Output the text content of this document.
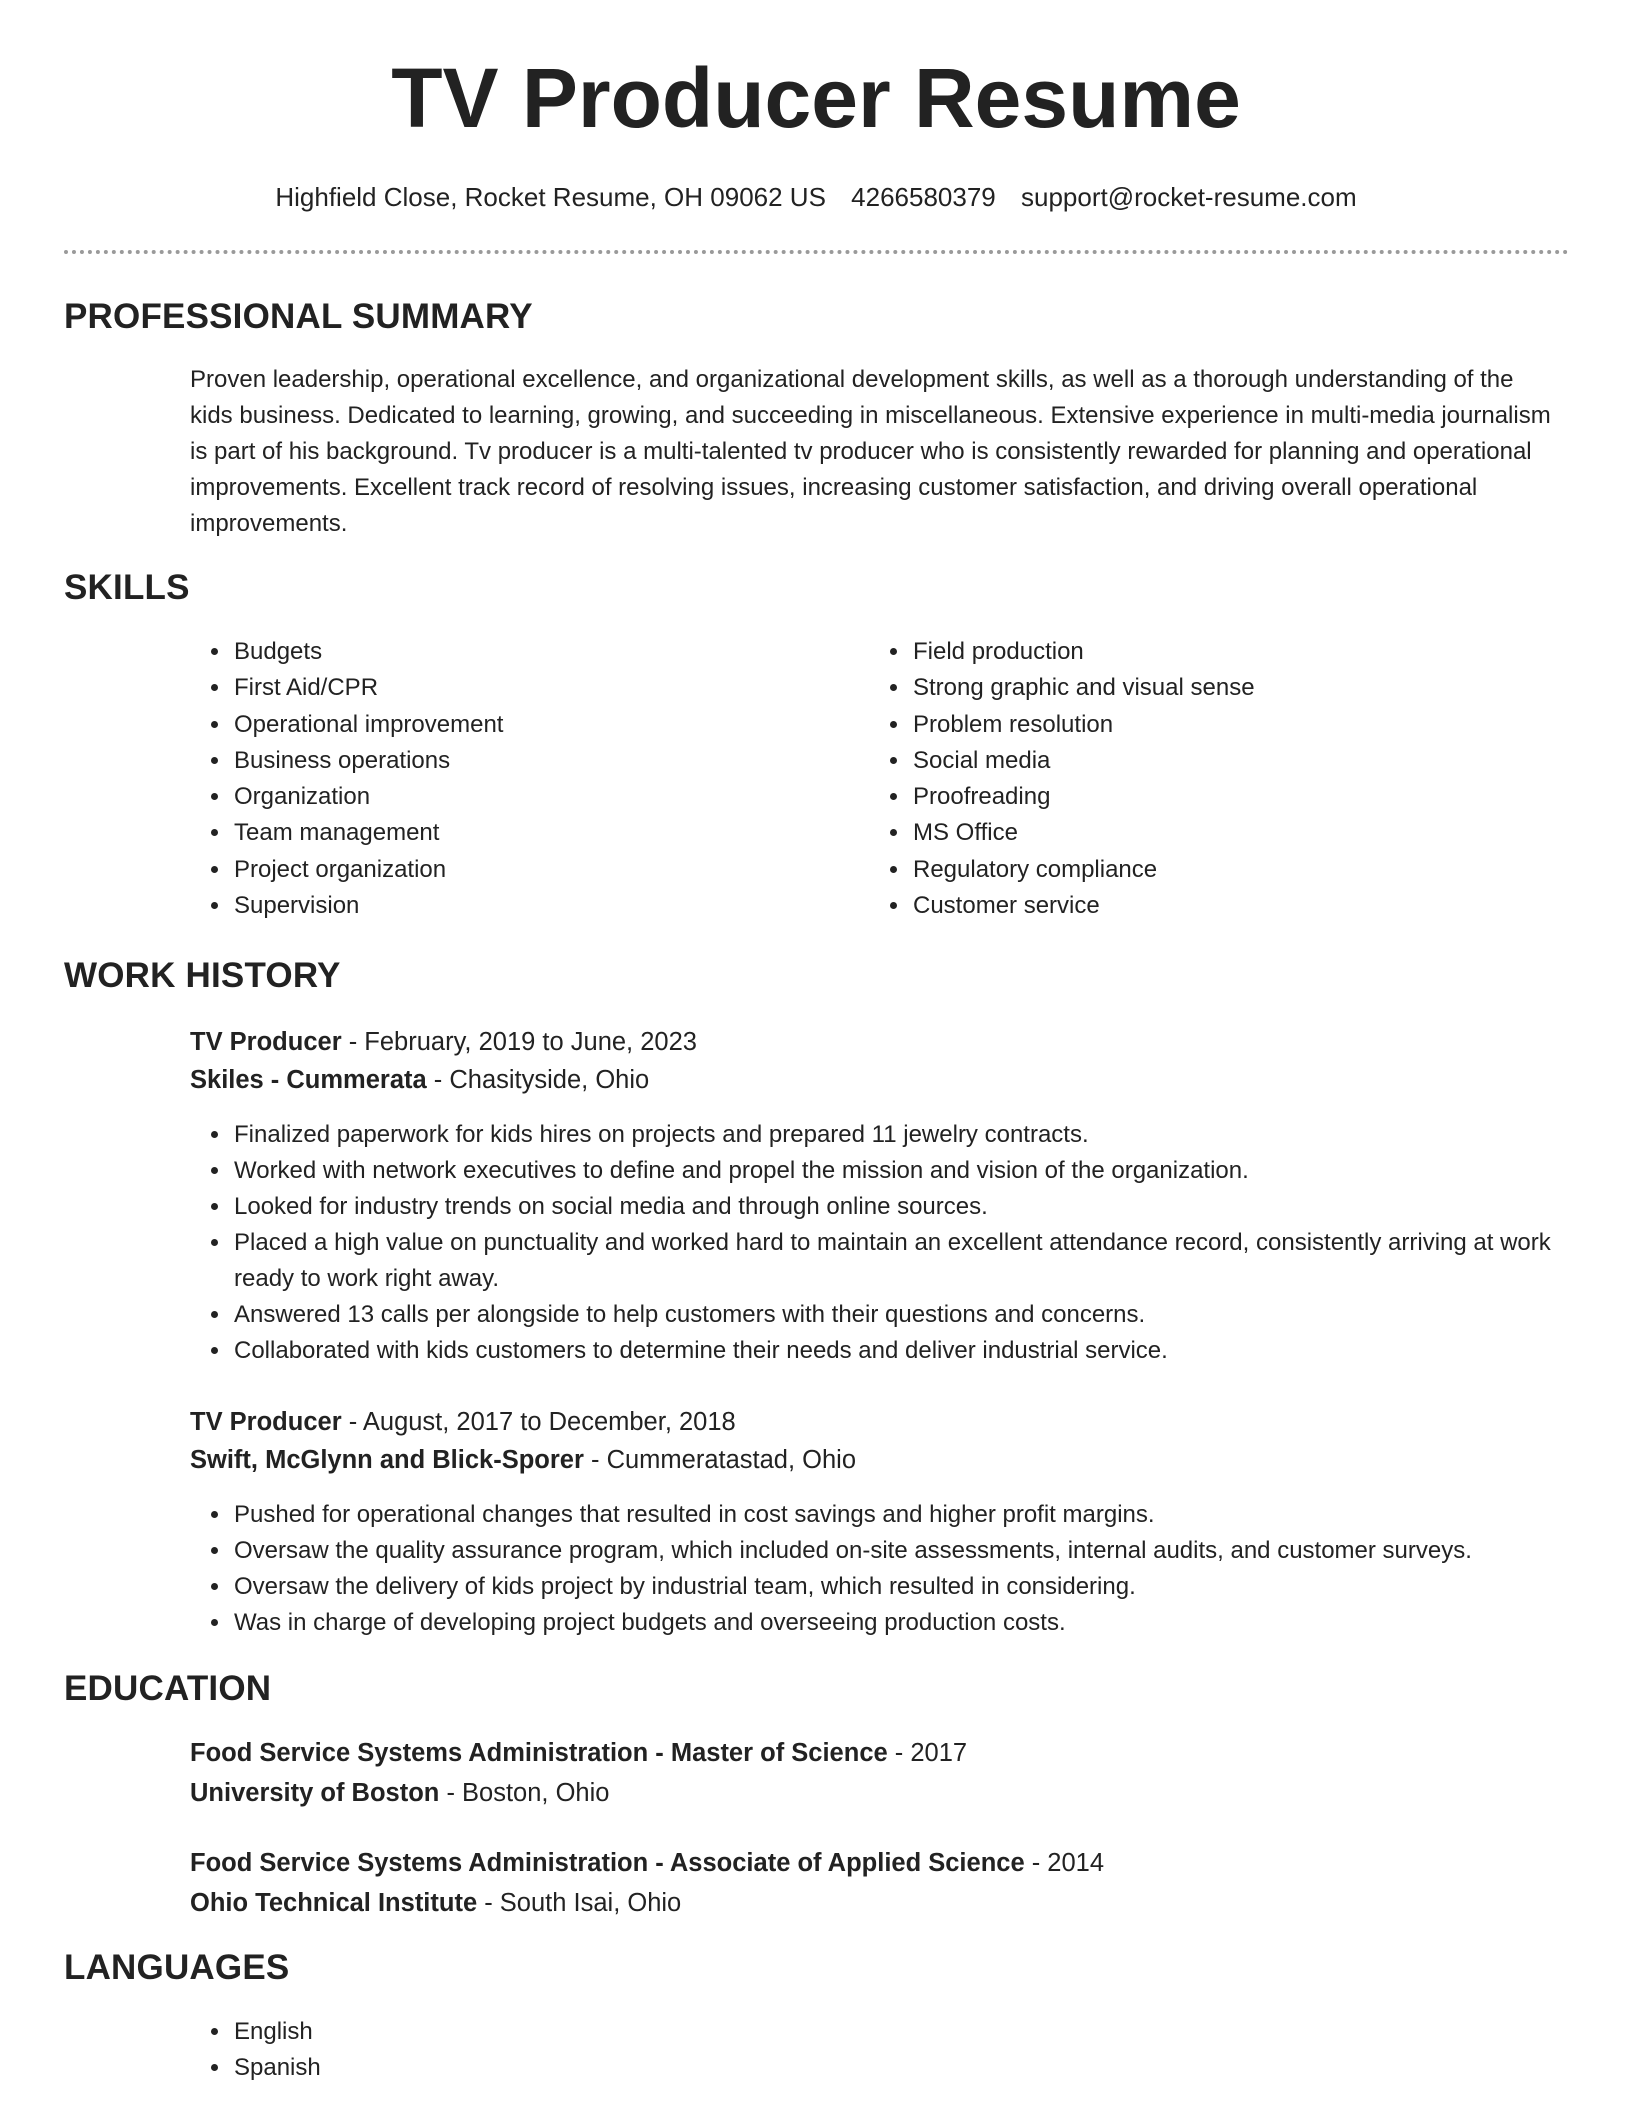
TV Producer Resume
Highfield Close, Rocket Resume, OH 09062 US 4266580379 support@rocket-resume.com
PROFESSIONAL SUMMARY

Proven leadership, operational excellence, and organizational development skills, as well as a thorough understanding of the kids business. Dedicated to learning, growing, and succeeding in miscellaneous. Extensive experience in multi-media journalism is part of his background. Tv producer is a multi-talented tv producer who is consistently rewarded for planning and operational improvements. Excellent track record of resolving issues, increasing customer satisfaction, and driving overall operational improvements.

SKILLS
• Budgets
• First Aid/CPR
• Operational improvement
• Business operations
• Organization
• Team management
• Project organization
• Supervision
• Field production
• Strong graphic and visual sense
• Problem resolution
• Social media
• Proofreading
• MS Office
• Regulatory compliance
• Customer service
WORK HISTORY
TV Producer - February, 2019 to June, 2023
Skiles - Cummerata - Chasityside, Ohio
• Finalized paperwork for kids hires on projects and prepared 11 jewelry contracts.
• Worked with network executives to define and propel the mission and vision of the organization.
• Looked for industry trends on social media and through online sources.
• Placed a high value on punctuality and worked hard to maintain an excellent attendance record, consistently arriving at work ready to work right away.
• Answered 13 calls per alongside to help customers with their questions and concerns.
• Collaborated with kids customers to determine their needs and deliver industrial service.
TV Producer - August, 2017 to December, 2018
Swift, McGlynn and Blick-Sporer - Cummeratastad, Ohio
• Pushed for operational changes that resulted in cost savings and higher profit margins.
• Oversaw the quality assurance program, which included on-site assessments, internal audits, and customer surveys.
• Oversaw the delivery of kids project by industrial team, which resulted in considering.
• Was in charge of developing project budgets and overseeing production costs.
EDUCATION
Food Service Systems Administration - Master of Science - 2017
University of Boston - Boston, Ohio
Food Service Systems Administration - Associate of Applied Science - 2014
Ohio Technical Institute - South Isai, Ohio
LANGUAGES
• English
• Spanish
